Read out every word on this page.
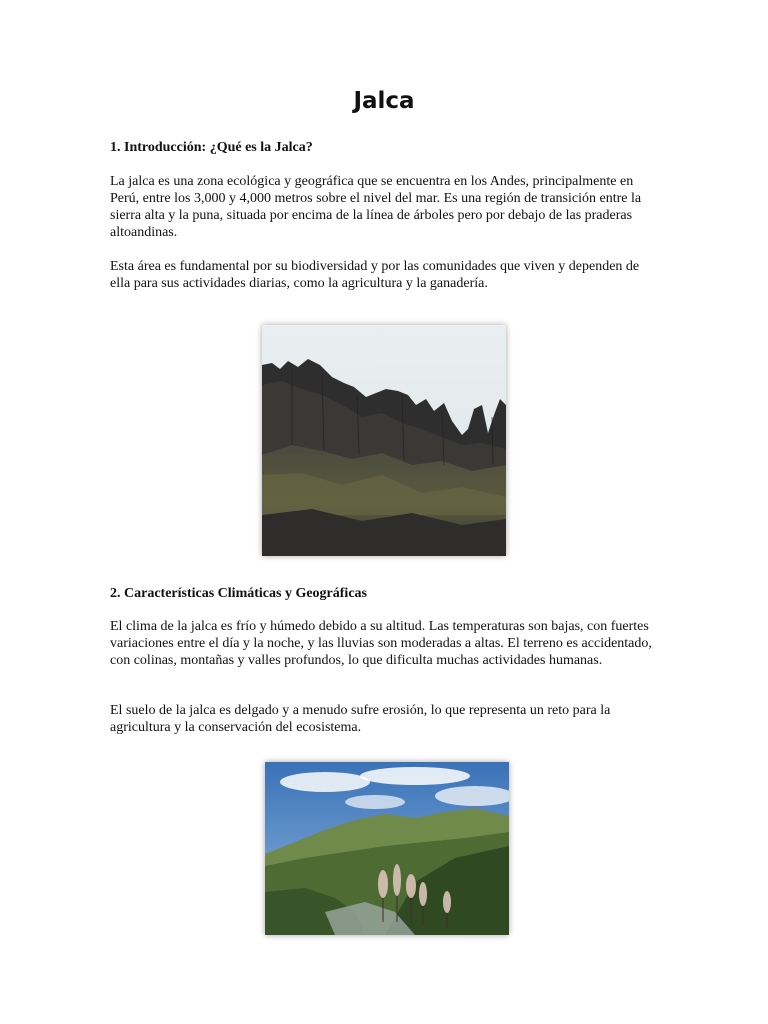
Jalca

1. Introducción: ¿Qué es la Jalca?

La jalca es una zona ecológica y geográfica que se encuentra en los Andes, principalmente en Perú, entre los 3,000 y 4,000 metros sobre el nivel del mar. Es una región de transición entre la sierra alta y la puna, situada por encima de la línea de árboles pero por debajo de las praderas altoandinas.

Esta área es fundamental por su biodiversidad y por las comunidades que viven y dependen de ella para sus actividades diarias, como la agricultura y la ganadería.

2. Características Climáticas y Geográficas

El clima de la jalca es frío y húmedo debido a su altitud. Las temperaturas son bajas, con fuertes variaciones entre el día y la noche, y las lluvias son moderadas a altas. El terreno es accidentado, con colinas, montañas y valles profundos, lo que dificulta muchas actividades humanas.

El suelo de la jalca es delgado y a menudo sufre erosión, lo que representa un reto para la agricultura y la conservación del ecosistema.
